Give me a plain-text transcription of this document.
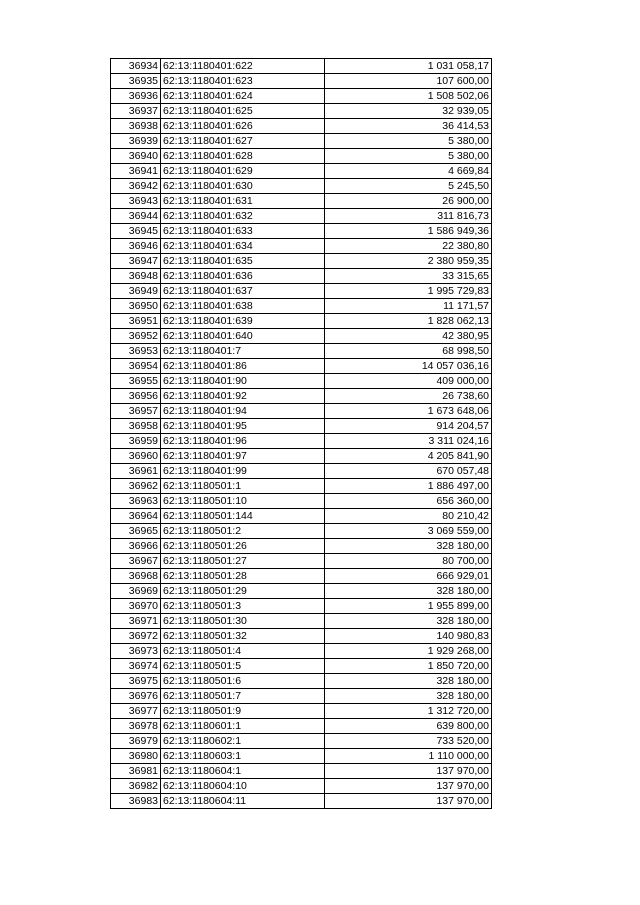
36934	62:13:1180401:622	1 031 058,17
36935	62:13:1180401:623	107 600,00
36936	62:13:1180401:624	1 508 502,06
36937	62:13:1180401:625	32 939,05
36938	62:13:1180401:626	36 414,53
36939	62:13:1180401:627	5 380,00
36940	62:13:1180401:628	5 380,00
36941	62:13:1180401:629	4 669,84
36942	62:13:1180401:630	5 245,50
36943	62:13:1180401:631	26 900,00
36944	62:13:1180401:632	311 816,73
36945	62:13:1180401:633	1 586 949,36
36946	62:13:1180401:634	22 380,80
36947	62:13:1180401:635	2 380 959,35
36948	62:13:1180401:636	33 315,65
36949	62:13:1180401:637	1 995 729,83
36950	62:13:1180401:638	11 171,57
36951	62:13:1180401:639	1 828 062,13
36952	62:13:1180401:640	42 380,95
36953	62:13:1180401:7	68 998,50
36954	62:13:1180401:86	14 057 036,16
36955	62:13:1180401:90	409 000,00
36956	62:13:1180401:92	26 738,60
36957	62:13:1180401:94	1 673 648,06
36958	62:13:1180401:95	914 204,57
36959	62:13:1180401:96	3 311 024,16
36960	62:13:1180401:97	4 205 841,90
36961	62:13:1180401:99	670 057,48
36962	62:13:1180501:1	1 886 497,00
36963	62:13:1180501:10	656 360,00
36964	62:13:1180501:144	80 210,42
36965	62:13:1180501:2	3 069 559,00
36966	62:13:1180501:26	328 180,00
36967	62:13:1180501:27	80 700,00
36968	62:13:1180501:28	666 929,01
36969	62:13:1180501:29	328 180,00
36970	62:13:1180501:3	1 955 899,00
36971	62:13:1180501:30	328 180,00
36972	62:13:1180501:32	140 980,83
36973	62:13:1180501:4	1 929 268,00
36974	62:13:1180501:5	1 850 720,00
36975	62:13:1180501:6	328 180,00
36976	62:13:1180501:7	328 180,00
36977	62:13:1180501:9	1 312 720,00
36978	62:13:1180601:1	639 800,00
36979	62:13:1180602:1	733 520,00
36980	62:13:1180603:1	1 110 000,00
36981	62:13:1180604:1	137 970,00
36982	62:13:1180604:10	137 970,00
36983	62:13:1180604:11	137 970,00
